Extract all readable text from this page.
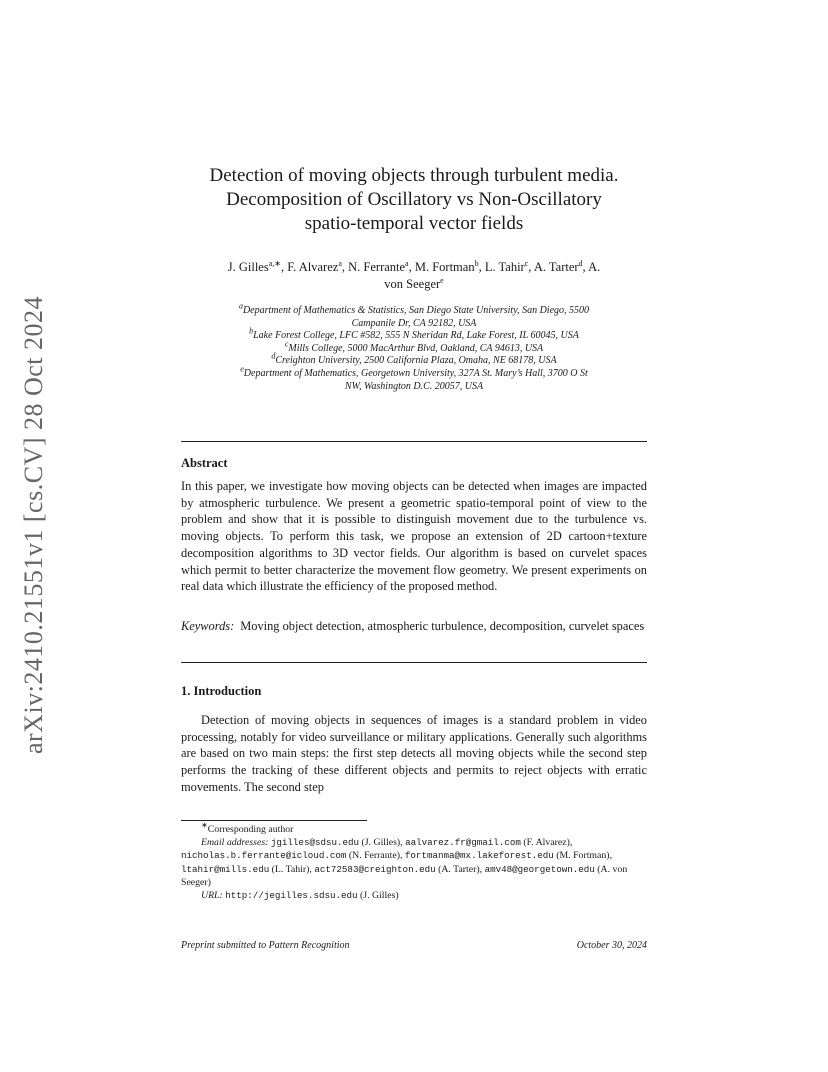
arXiv:2410.21551v1 [cs.CV] 28 Oct 2024
Detection of moving objects through turbulent media.
Decomposition of Oscillatory vs Non-Oscillatory
spatio-temporal vector fields
J. Gilles$^{a,∗}$, F. Alvarez$^a$, N. Ferrante$^a$, M. Fortman$^b$, L. Tahir$^c$, A. Tarter$^d$, A.
von Seeger$^e$
$^a$Department of Mathematics & Statistics, San Diego State University, San Diego, 5500
Campanile Dr, CA 92182, USA
$^b$Lake Forest College, LFC #582, 555 N Sheridan Rd, Lake Forest, IL 60045, USA
$^c$Mills College, 5000 MacArthur Blvd, Oakland, CA 94613, USA
$^d$Creighton University, 2500 California Plaza, Omaha, NE 68178, USA
$^e$Department of Mathematics, Georgetown University, 327A St. Mary’s Hall, 3700 O St
NW, Washington D.C. 20057, USA
Abstract
In this paper, we investigate how moving objects can be detected when images are impacted by atmospheric turbulence. We present a geometric spatio-temporal point of view to the problem and show that it is possible to distinguish movement due to the turbulence vs. moving objects. To perform this task, we propose an extension of 2D cartoon+texture decomposition algorithms to 3D vector fields. Our algorithm is based on curvelet spaces which permit to better characterize the movement flow geometry. We present experiments on real data which illustrate the efficiency of the proposed method.
Keywords: Moving object detection, atmospheric turbulence, decomposition, curvelet spaces
1. Introduction
Detection of moving objects in sequences of images is a standard problem in video processing, notably for video surveillance or military applications. Generally such algorithms are based on two main steps: the first step detects all moving objects while the second step performs the tracking of these different objects and permits to reject objects with erratic movements. The second step
∗Corresponding author
Email addresses: jgilles@sdsu.edu (J. Gilles), aalvarez.fr@gmail.com (F. Alvarez), nicholas.b.ferrante@icloud.com (N. Ferrante), fortmanma@mx.lakeforest.edu (M. Fortman), ltahir@mills.edu (L. Tahir), act72583@creighton.edu (A. Tarter), amv48@georgetown.edu (A. von Seeger)
URL: http://jegilles.sdsu.edu (J. Gilles)
Preprint submitted to Pattern Recognition	October 30, 2024
